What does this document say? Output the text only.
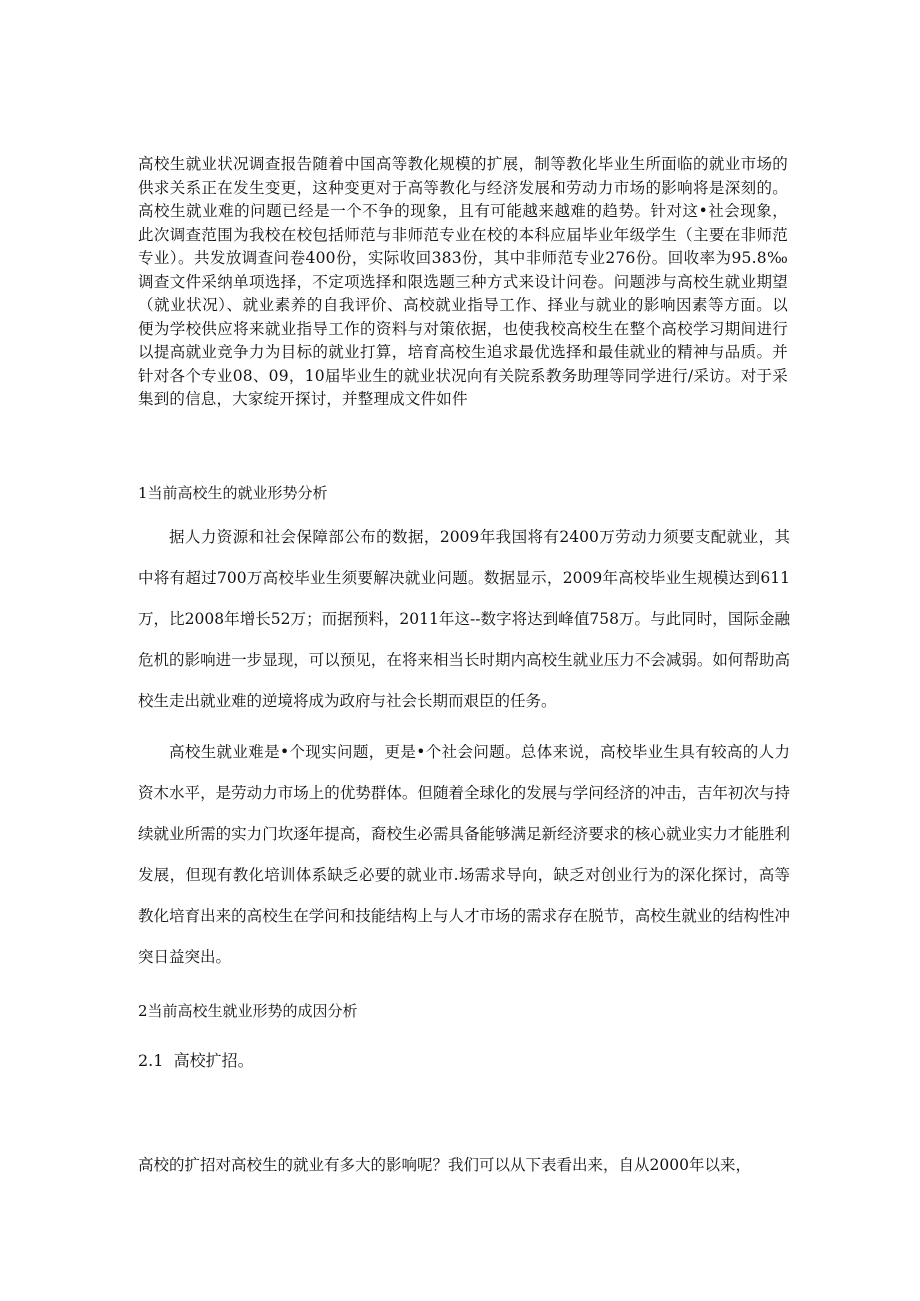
高校生就业状况调查报告随着中国高等教化规模的扩展，制等教化毕业生所面临的就业市场的供求关系正在发生变更，这种变更对于高等教化与经济发展和劳动力市场的影响将是深刻的。高校生就业难的问题已经是一个不争的现象，且有可能越来越难的趋势。针对这•社会现象，此次调查范围为我校在校包括师范与非师范专业在校的本科应届毕业年级学生（主要在非师范专业）。共发放调查问卷400份，实际收回383份，其中非师范专业276份。回收率为95.8‰调查文件采纳单项选择，不定项选择和限选题三种方式来设计问卷。问题涉与高校生就业期望（就业状况）、就业素养的自我评价、高校就业指导工作、择业与就业的影响因素等方面。以便为学校供应将来就业指导工作的资料与对策依据，也使我校高校生在整个高校学习期间进行以提高就业竞争力为目标的就业打算，培育高校生追求最优选择和最佳就业的精神与品质。并针对各个专业08、09，10届毕业生的就业状况向有关院系教务助理等同学进行/采访。对于采集到的信息，大家绽开探讨，并整理成文件如件

1当前高校生的就业形势分析

据人力资源和社会保障部公布的数据，2009年我国将有2400万劳动力须要支配就业，其中将有超过700万高校毕业生须要解决就业问题。数据显示，2009年高校毕业生规模达到611万，比2008年增长52万；而据预料，2011年这--数字将达到峰值758万。与此同时，国际金融危机的影响进一步显现，可以预见，在将来相当长时期内高校生就业压力不会减弱。如何帮助高校生走出就业难的逆境将成为政府与社会长期而艰臣的任务。

高校生就业难是•个现实问题，更是•个社会问题。总体来说，高校毕业生具有较高的人力资木水平，是劳动力市场上的优势群体。但随着全球化的发展与学问经济的冲击，吉年初次与持续就业所需的实力门坎逐年提高，裔校生必需具备能够满足新经济要求的核心就业实力才能胜利发展，但现有教化培训体系缺乏必要的就业市.场需求导向，缺乏对创业行为的深化探讨，高等教化培育出来的高校生在学问和技能结构上与人才市场的需求存在脱节，高校生就业的结构性冲突日益突出。

2当前高校生就业形势的成因分析
2.1  高校扩招。

高校的扩招对高校生的就业有多大的影响呢？我们可以从下表看出来，自从2000年以来，
